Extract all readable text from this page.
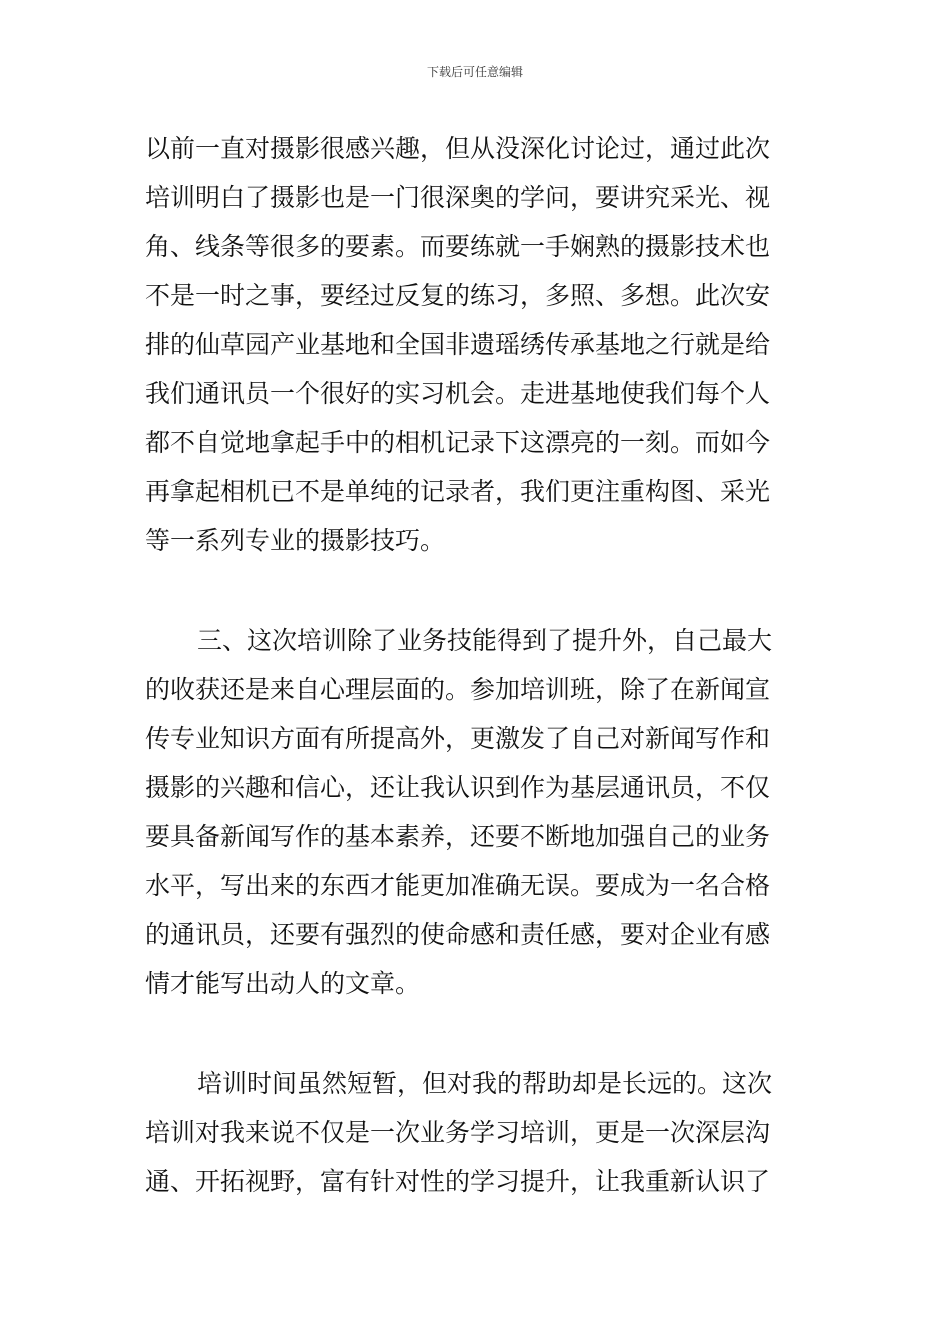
下载后可任意编辑
以前一直对摄影很感兴趣，但从没深化讨论过，通过此次
培训明白了摄影也是一门很深奥的学问，要讲究采光、视
角、线条等很多的要素。而要练就一手娴熟的摄影技术也
不是一时之事，要经过反复的练习，多照、多想。此次安
排的仙草园产业基地和全国非遗瑶绣传承基地之行就是给
我们通讯员一个很好的实习机会。走进基地使我们每个人
都不自觉地拿起手中的相机记录下这漂亮的一刻。而如今
再拿起相机已不是单纯的记录者，我们更注重构图、采光
等一系列专业的摄影技巧。
三、这次培训除了业务技能得到了提升外，自己最大
的收获还是来自心理层面的。参加培训班，除了在新闻宣
传专业知识方面有所提高外，更激发了自己对新闻写作和
摄影的兴趣和信心，还让我认识到作为基层通讯员，不仅
要具备新闻写作的基本素养，还要不断地加强自己的业务
水平，写出来的东西才能更加准确无误。要成为一名合格
的通讯员，还要有强烈的使命感和责任感，要对企业有感
情才能写出动人的文章。
培训时间虽然短暂，但对我的帮助却是长远的。这次
培训对我来说不仅是一次业务学习培训，更是一次深层沟
通、开拓视野，富有针对性的学习提升，让我重新认识了
